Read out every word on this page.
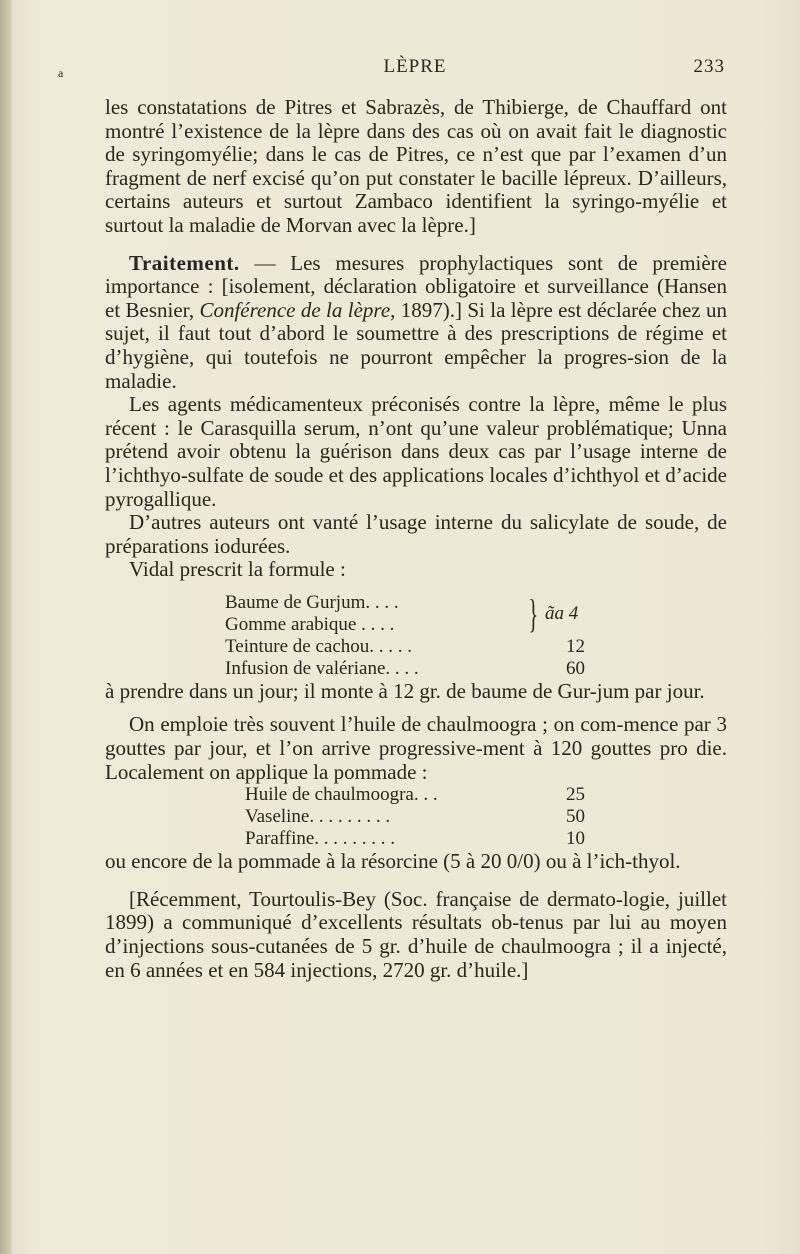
a	LÈPRE	233

les constatations de Pitres et Sabrazès, de Thibierge, de Chauffard ont montré l’existence de la lèpre dans des cas où on avait fait le diagnostic de syringomyélie; dans le cas de Pitres, ce n’est que par l’examen d’un fragment de nerf excisé qu’on put constater le bacille lépreux. D’ailleurs, certains auteurs et surtout Zambaco identifient la syringo-myélie et surtout la maladie de Morvan avec la lèpre.]

Traitement. — Les mesures prophylactiques sont de première importance : [isolement, déclaration obligatoire et surveillance (Hansen et Besnier, Conférence de la lèpre, 1897).] Si la lèpre est déclarée chez un sujet, il faut tout d’abord le soumettre à des prescriptions de régime et d’hygiène, qui toutefois ne pourront empêcher la progres-sion de la maladie.

Les agents médicamenteux préconisés contre la lèpre, même le plus récent : le Carasquilla serum, n’ont qu’une valeur problématique; Unna prétend avoir obtenu la guérison dans deux cas par l’usage interne de l’ichthyo-sulfate de soude et des applications locales d’ichthyol et d’acide pyrogallique.

D’autres auteurs ont vanté l’usage interne du salicylate de soude, de préparations iodurées.

Vidal prescrit la formule :

Baume de Gurjum. . . .
Gomme arabique . . . .	} ãa 4
Teinture de cachou. . . . .	12
Infusion de valériane. . . .	60

à prendre dans un jour; il monte à 12 gr. de baume de Gur-jum par jour.

On emploie très souvent l’huile de chaulmoogra ; on com-mence par 3 gouttes par jour, et l’on arrive progressive-ment à 120 gouttes pro die. Localement on applique la pommade :

Huile de chaulmoogra. . .	25
Vaseline. . . . . . . . .	50
Paraffine. . . . . . . . .	10

ou encore de la pommade à la résorcine (5 à 20 0/0) ou à l’ich-thyol.

[Récemment, Tourtoulis-Bey (Soc. française de dermato-logie, juillet 1899) a communiqué d’excellents résultats ob-tenus par lui au moyen d’injections sous-cutanées de 5 gr. d’huile de chaulmoogra ; il a injecté, en 6 années et en 584 injections, 2720 gr. d’huile.]
